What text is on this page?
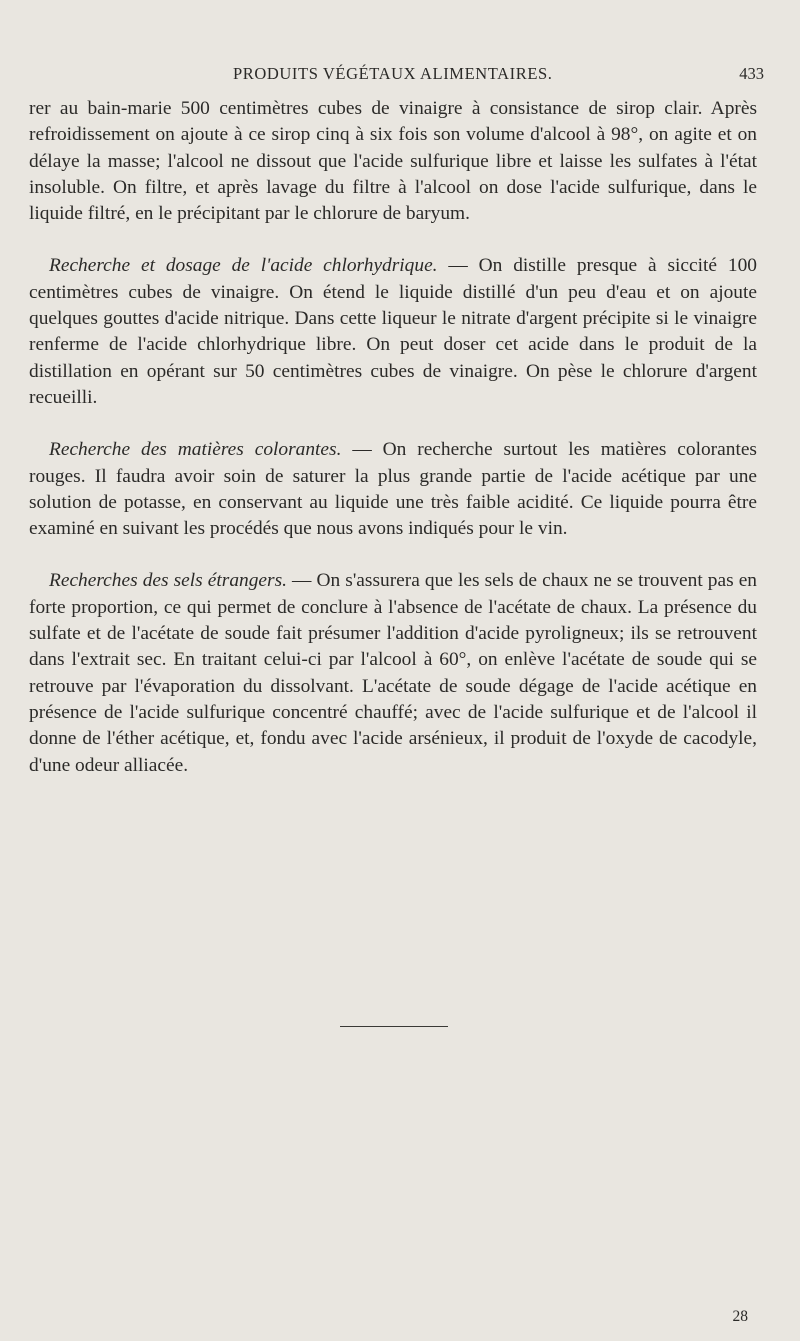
PRODUITS VÉGÉTAUX ALIMENTAIRES.	433

rer au bain-marie 500 centimètres cubes de vinaigre à consistance de sirop clair. Après refroidissement on ajoute à ce sirop cinq à six fois son volume d'alcool à 98°, on agite et on délaye la masse; l'alcool ne dissout que l'acide sulfurique libre et laisse les sulfates à l'état insoluble. On filtre, et après lavage du filtre à l'alcool on dose l'acide sulfurique, dans le liquide filtré, en le précipitant par le chlorure de baryum.

Recherche et dosage de l'acide chlorhydrique. — On distille presque à siccité 100 centimètres cubes de vinaigre. On étend le liquide distillé d'un peu d'eau et on ajoute quelques gouttes d'acide nitrique. Dans cette liqueur le nitrate d'argent précipite si le vinaigre renferme de l'acide chlorhydrique libre. On peut doser cet acide dans le produit de la distillation en opérant sur 50 centimètres cubes de vinaigre. On pèse le chlorure d'argent recueilli.

Recherche des matières colorantes. — On recherche surtout les matières colorantes rouges. Il faudra avoir soin de saturer la plus grande partie de l'acide acétique par une solution de potasse, en conservant au liquide une très faible acidité. Ce liquide pourra être examiné en suivant les procédés que nous avons indiqués pour le vin.

Recherches des sels étrangers. — On s'assurera que les sels de chaux ne se trouvent pas en forte proportion, ce qui permet de conclure à l'absence de l'acétate de chaux. La présence du sulfate et de l'acétate de soude fait présumer l'addition d'acide pyroligneux; ils se retrouvent dans l'extrait sec. En traitant celui-ci par l'alcool à 60°, on enlève l'acétate de soude qui se retrouve par l'évaporation du dissolvant. L'acétate de soude dégage de l'acide acétique en présence de l'acide sulfurique concentré chauffé; avec de l'acide sulfurique et de l'alcool il donne de l'éther acétique, et, fondu avec l'acide arsénieux, il produit de l'oxyde de cacodyle, d'une odeur alliacée.

28
